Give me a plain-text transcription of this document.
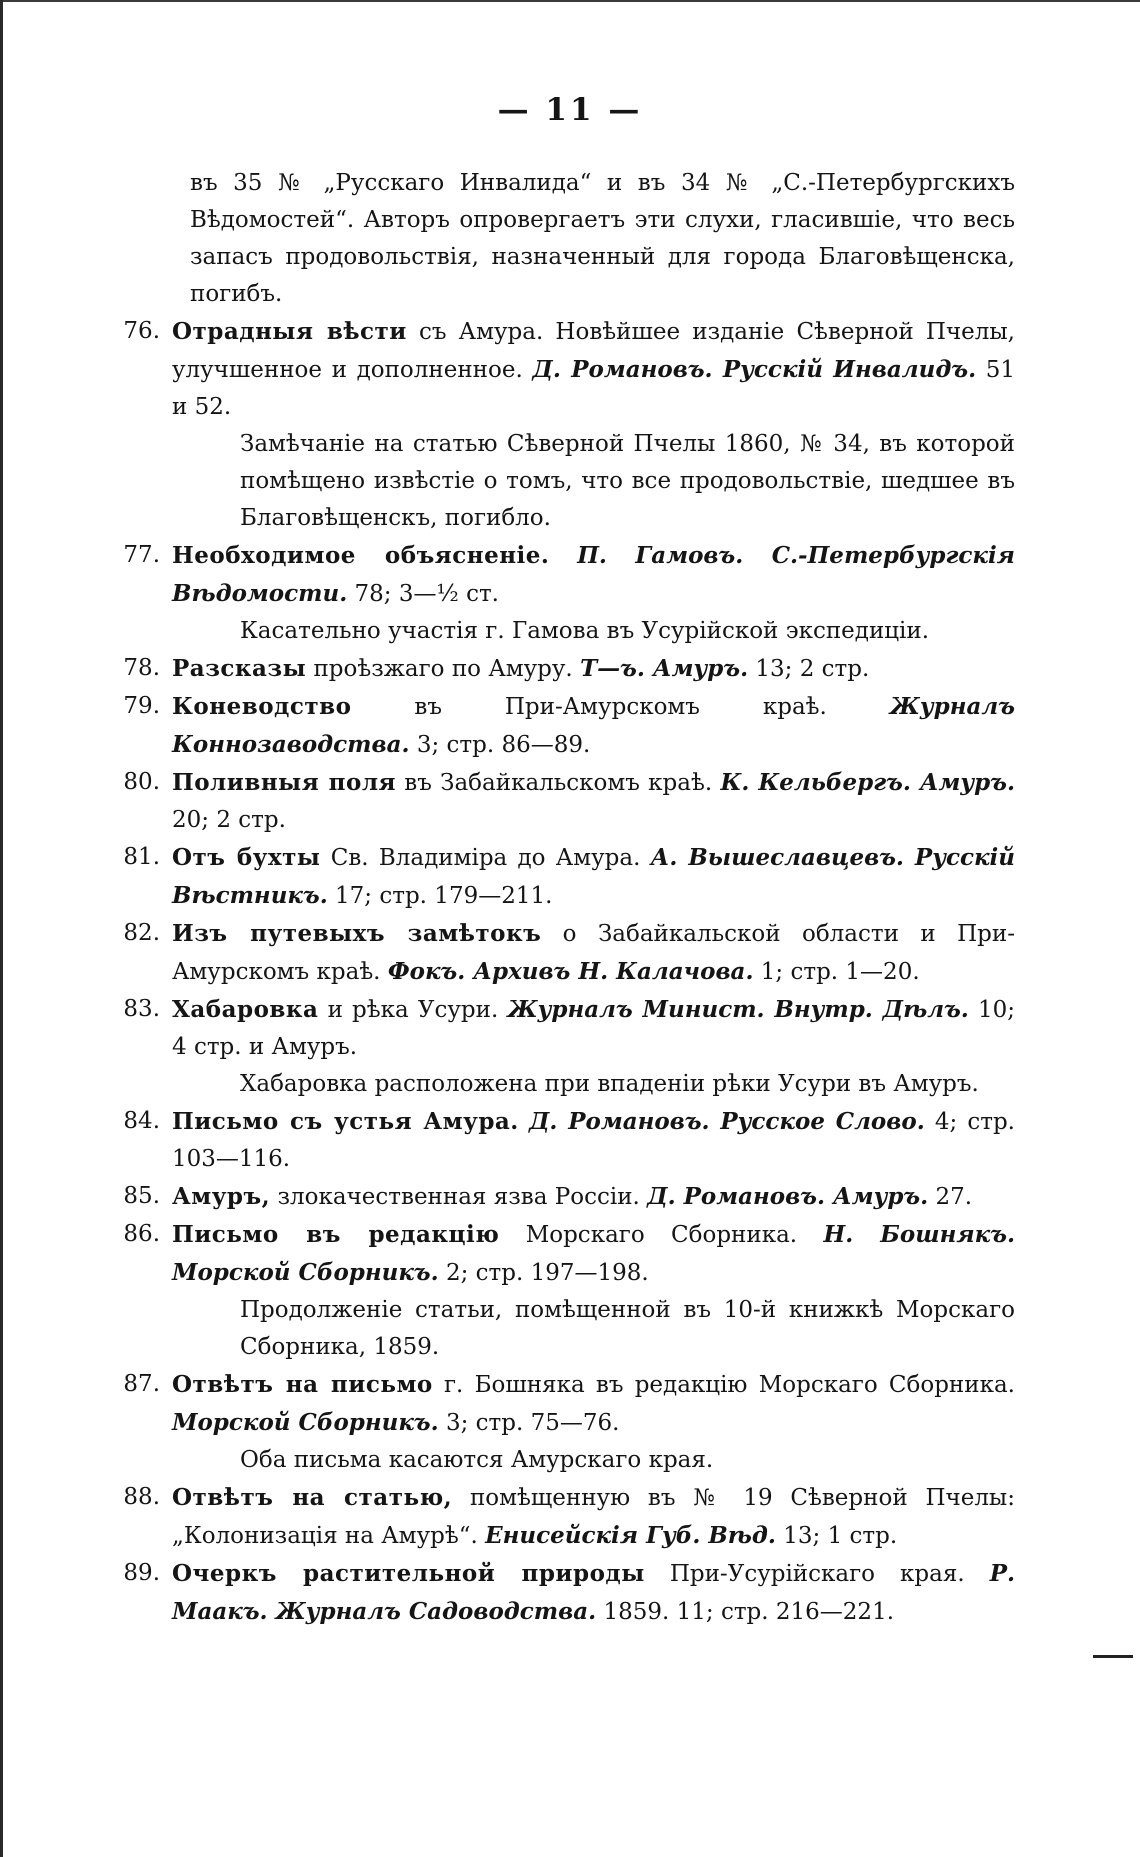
— 11 —

въ 35 № „Русскаго Инвалида“ и въ 34 № „С.-Петербургскихъ Вѣдомостей“. Авторъ опровергаетъ эти слухи, гласившіе, что весь запасъ продовольствія, назначенный для города Благовѣщенска, погибъ.

76. Отрадныя вѣсти съ Амура. Новѣйшее изданіе Сѣверной Пчелы, улучшенное и дополненное. Д. Романовъ. Русскій Инвалидъ. 51 и 52.

Замѣчаніе на статью Сѣверной Пчелы 1860, № 34, въ которой помѣщено извѣстіе о томъ, что все продовольствіе, шедшее въ Благовѣщенскъ, погибло.

77. Необходимое объясненіе. П. Гамовъ. С.-Петербургскія Вѣдомости. 78; 3—½ ст.

Касательно участія г. Гамова въ Усурійской экспедиціи.

78. Разсказы проѣзжаго по Амуру. Т—ъ. Амуръ. 13; 2 стр.
79. Коневодство въ При-Амурскомъ краѣ. Журналъ Коннозаводства. 3; стр. 86—89.
80. Поливныя поля въ Забайкальскомъ краѣ. К. Кельбергъ. Амуръ. 20; 2 стр.
81. Отъ бухты Св. Владиміра до Амура. А. Вышеславцевъ. Русскій Вѣстникъ. 17; стр. 179—211.
82. Изъ путевыхъ замѣтокъ о Забайкальской области и При-Амурскомъ краѣ. Фокъ. Архивъ Н. Калачова. 1; стр. 1—20.
83. Хабаровка и рѣка Усури. Журналъ Минист. Внутр. Дѣлъ. 10; 4 стр. и Амуръ.

Хабаровка расположена при впаденіи рѣки Усури въ Амуръ.

84. Письмо съ устья Амура. Д. Романовъ. Русское Слово. 4; стр. 103—116.
85. Амуръ, злокачественная язва Россіи. Д. Романовъ. Амуръ. 27.
86. Письмо въ редакцію Морскаго Сборника. Н. Бошнякъ. Морской Сборникъ. 2; стр. 197—198.

Продолженіе статьи, помѣщенной въ 10-й книжкѣ Морскаго Сборника, 1859.

87. Отвѣтъ на письмо г. Бошняка въ редакцію Морскаго Сборника. Морской Сборникъ. 3; стр. 75—76.

Оба письма касаются Амурскаго края.

88. Отвѣтъ на статью, помѣщенную въ № 19 Сѣверной Пчелы: „Колонизація на Амурѣ“. Енисейскія Губ. Вѣд. 13; 1 стр.
89. Очеркъ растительной природы При-Усурійскаго края. Р. Маакъ. Журналъ Садоводства. 1859. 11; стр. 216—221.
